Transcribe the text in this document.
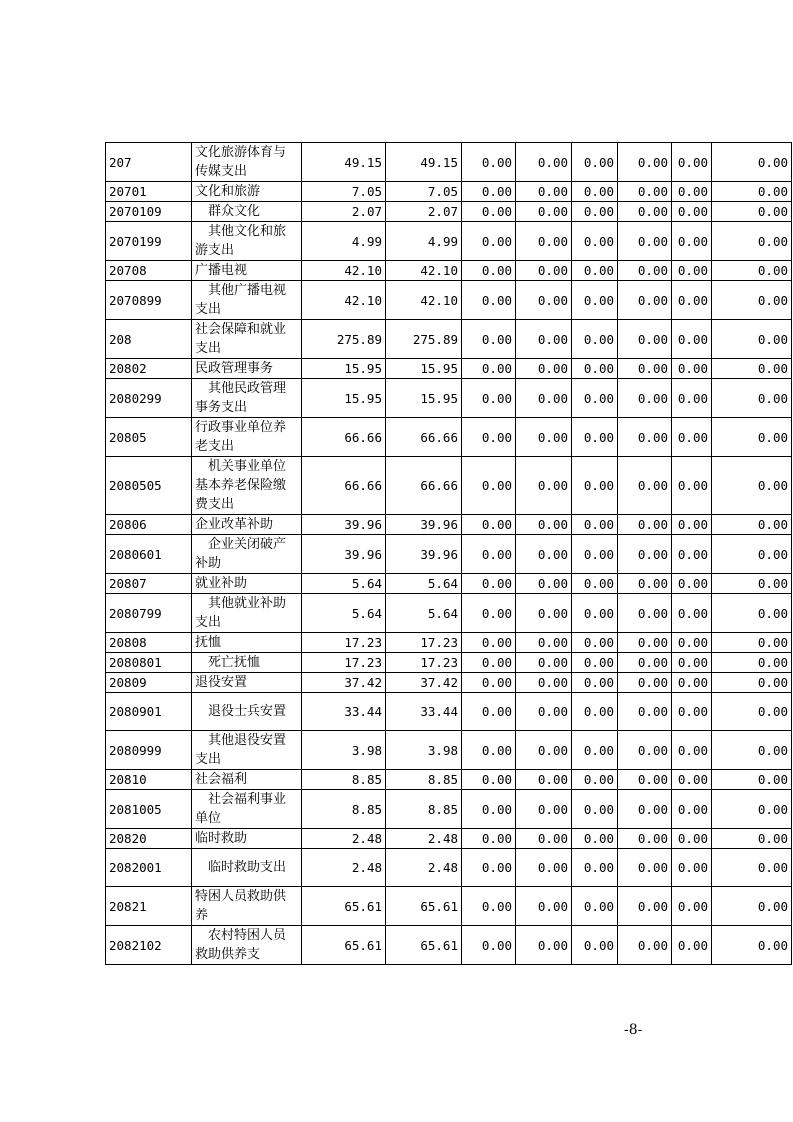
207	文化旅游体育与传媒支出	49.15	49.15	0.00	0.00	0.00	0.00	0.00	0.00
20701	文化和旅游	7.05	7.05	0.00	0.00	0.00	0.00	0.00	0.00
2070109	群众文化	2.07	2.07	0.00	0.00	0.00	0.00	0.00	0.00
2070199	其他文化和旅游支出	4.99	4.99	0.00	0.00	0.00	0.00	0.00	0.00
20708	广播电视	42.10	42.10	0.00	0.00	0.00	0.00	0.00	0.00
2070899	其他广播电视支出	42.10	42.10	0.00	0.00	0.00	0.00	0.00	0.00
208	社会保障和就业支出	275.89	275.89	0.00	0.00	0.00	0.00	0.00	0.00
20802	民政管理事务	15.95	15.95	0.00	0.00	0.00	0.00	0.00	0.00
2080299	其他民政管理事务支出	15.95	15.95	0.00	0.00	0.00	0.00	0.00	0.00
20805	行政事业单位养老支出	66.66	66.66	0.00	0.00	0.00	0.00	0.00	0.00
2080505	机关事业单位基本养老保险缴费支出	66.66	66.66	0.00	0.00	0.00	0.00	0.00	0.00
20806	企业改革补助	39.96	39.96	0.00	0.00	0.00	0.00	0.00	0.00
2080601	企业关闭破产补助	39.96	39.96	0.00	0.00	0.00	0.00	0.00	0.00
20807	就业补助	5.64	5.64	0.00	0.00	0.00	0.00	0.00	0.00
2080799	其他就业补助支出	5.64	5.64	0.00	0.00	0.00	0.00	0.00	0.00
20808	抚恤	17.23	17.23	0.00	0.00	0.00	0.00	0.00	0.00
2080801	死亡抚恤	17.23	17.23	0.00	0.00	0.00	0.00	0.00	0.00
20809	退役安置	37.42	37.42	0.00	0.00	0.00	0.00	0.00	0.00
2080901	退役士兵安置	33.44	33.44	0.00	0.00	0.00	0.00	0.00	0.00
2080999	其他退役安置支出	3.98	3.98	0.00	0.00	0.00	0.00	0.00	0.00
20810	社会福利	8.85	8.85	0.00	0.00	0.00	0.00	0.00	0.00
2081005	社会福利事业单位	8.85	8.85	0.00	0.00	0.00	0.00	0.00	0.00
20820	临时救助	2.48	2.48	0.00	0.00	0.00	0.00	0.00	0.00
2082001	临时救助支出	2.48	2.48	0.00	0.00	0.00	0.00	0.00	0.00
20821	特困人员救助供养	65.61	65.61	0.00	0.00	0.00	0.00	0.00	0.00
2082102	农村特困人员救助供养支	65.61	65.61	0.00	0.00	0.00	0.00	0.00	0.00
-8-
